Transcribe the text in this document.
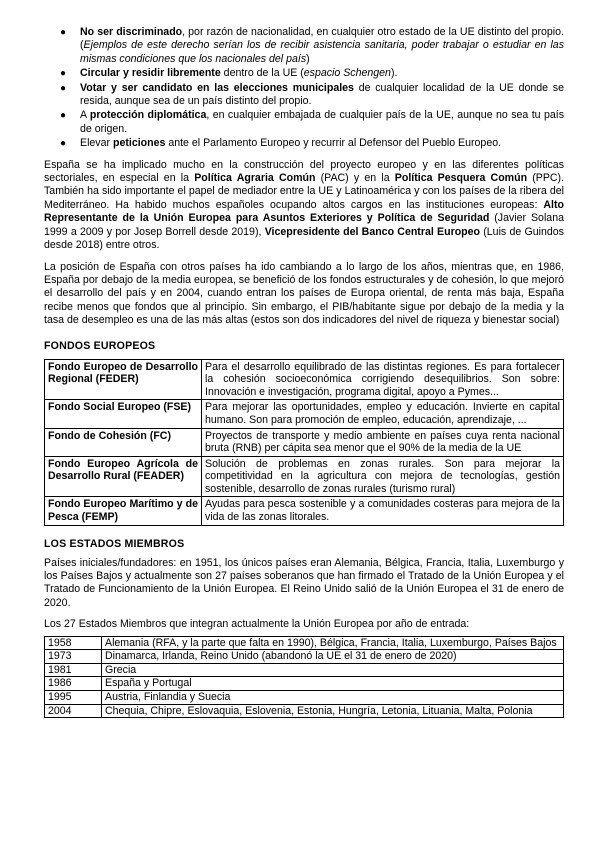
● No ser discriminado, por razón de nacionalidad, en cualquier otro estado de la UE distinto del propio. (Ejemplos de este derecho serían los de recibir asistencia sanitaria, poder trabajar o estudiar en las mismas condiciones que los nacionales del país)
● Circular y residir libremente dentro de la UE (espacio Schengen).
● Votar y ser candidato en las elecciones municipales de cualquier localidad de la UE donde se resida, aunque sea de un país distinto del propio.
● A protección diplomática, en cualquier embajada de cualquier país de la UE, aunque no sea tu país de origen.
● Elevar peticiones ante el Parlamento Europeo y recurrir al Defensor del Pueblo Europeo.

España se ha implicado mucho en la construcción del proyecto europeo y en las diferentes políticas sectoriales, en especial en la Política Agraria Común (PAC) y en la Política Pesquera Común (PPC). También ha sido importante el papel de mediador entre la UE y Latinoamérica y con los países de la ribera del Mediterráneo. Ha habido muchos españoles ocupando altos cargos en las instituciones europeas: Alto Representante de la Unión Europea para Asuntos Exteriores y Política de Seguridad (Javier Solana 1999 a 2009 y por Josep Borrell desde 2019), Vicepresidente del Banco Central Europeo (Luis de Guindos desde 2018) entre otros.

La posición de España con otros países ha ido cambiando a lo largo de los años, mientras que, en 1986, España por debajo de la media europea, se benefició de los fondos estructurales y de cohesión, lo que mejoró el desarrollo del país y en 2004, cuando entran los países de Europa oriental, de renta más baja, España recibe menos que fondos que al principio. Sin embargo, el PIB/habitante sigue por debajo de la media y la tasa de desempleo es una de las más altas (estos son dos indicadores del nivel de riqueza y bienestar social)

FONDOS EUROPEOS
Fondo Europeo de Desarrollo Regional (FEDER)	Para el desarrollo equilibrado de las distintas regiones. Es para fortalecer la cohesión socioeconómica corrigiendo desequilibrios. Son sobre: Innovación e investigación, programa digital, apoyo a Pymes...
Fondo Social Europeo (FSE)	Para mejorar las oportunidades, empleo y educación. Invierte en capital humano. Son para promoción de empleo, educación, aprendizaje, ...
Fondo de Cohesión (FC)	Proyectos de transporte y medio ambiente en países cuya renta nacional bruta (RNB) per cápita sea menor que el 90% de la media de la UE
Fondo Europeo Agrícola de Desarrollo Rural (FEADER)	Solución de problemas en zonas rurales. Son para mejorar la competitividad en la agricultura con mejora de tecnologías, gestión sostenible, desarrollo de zonas rurales (turismo rural)
Fondo Europeo Marítimo y de Pesca (FEMP)	Ayudas para pesca sostenible y a comunidades costeras para mejora de la vida de las zonas litorales.
LOS ESTADOS MIEMBROS

Países iniciales/fundadores: en 1951, los únicos países eran Alemania, Bélgica, Francia, Italia, Luxemburgo y los Países Bajos y actualmente son 27 países soberanos que han firmado el Tratado de la Unión Europea y el Tratado de Funcionamiento de la Unión Europea. El Reino Unido salió de la Unión Europea el 31 de enero de 2020.

Los 27 Estados Miembros que integran actualmente la Unión Europea por año de entrada:

1958	Alemania (RFA, y la parte que falta en 1990), Bélgica, Francia, Italia, Luxemburgo, Países Bajos
1973	Dinamarca, Irlanda, Reino Unido (abandonó la UE el 31 de enero de 2020)
1981	Grecia
1986	España y Portugal
1995	Austria, Finlandia y Suecia
2004	Chequia, Chipre, Eslovaquia, Eslovenia, Estonia, Hungría, Letonia, Lituania, Malta, Polonia
